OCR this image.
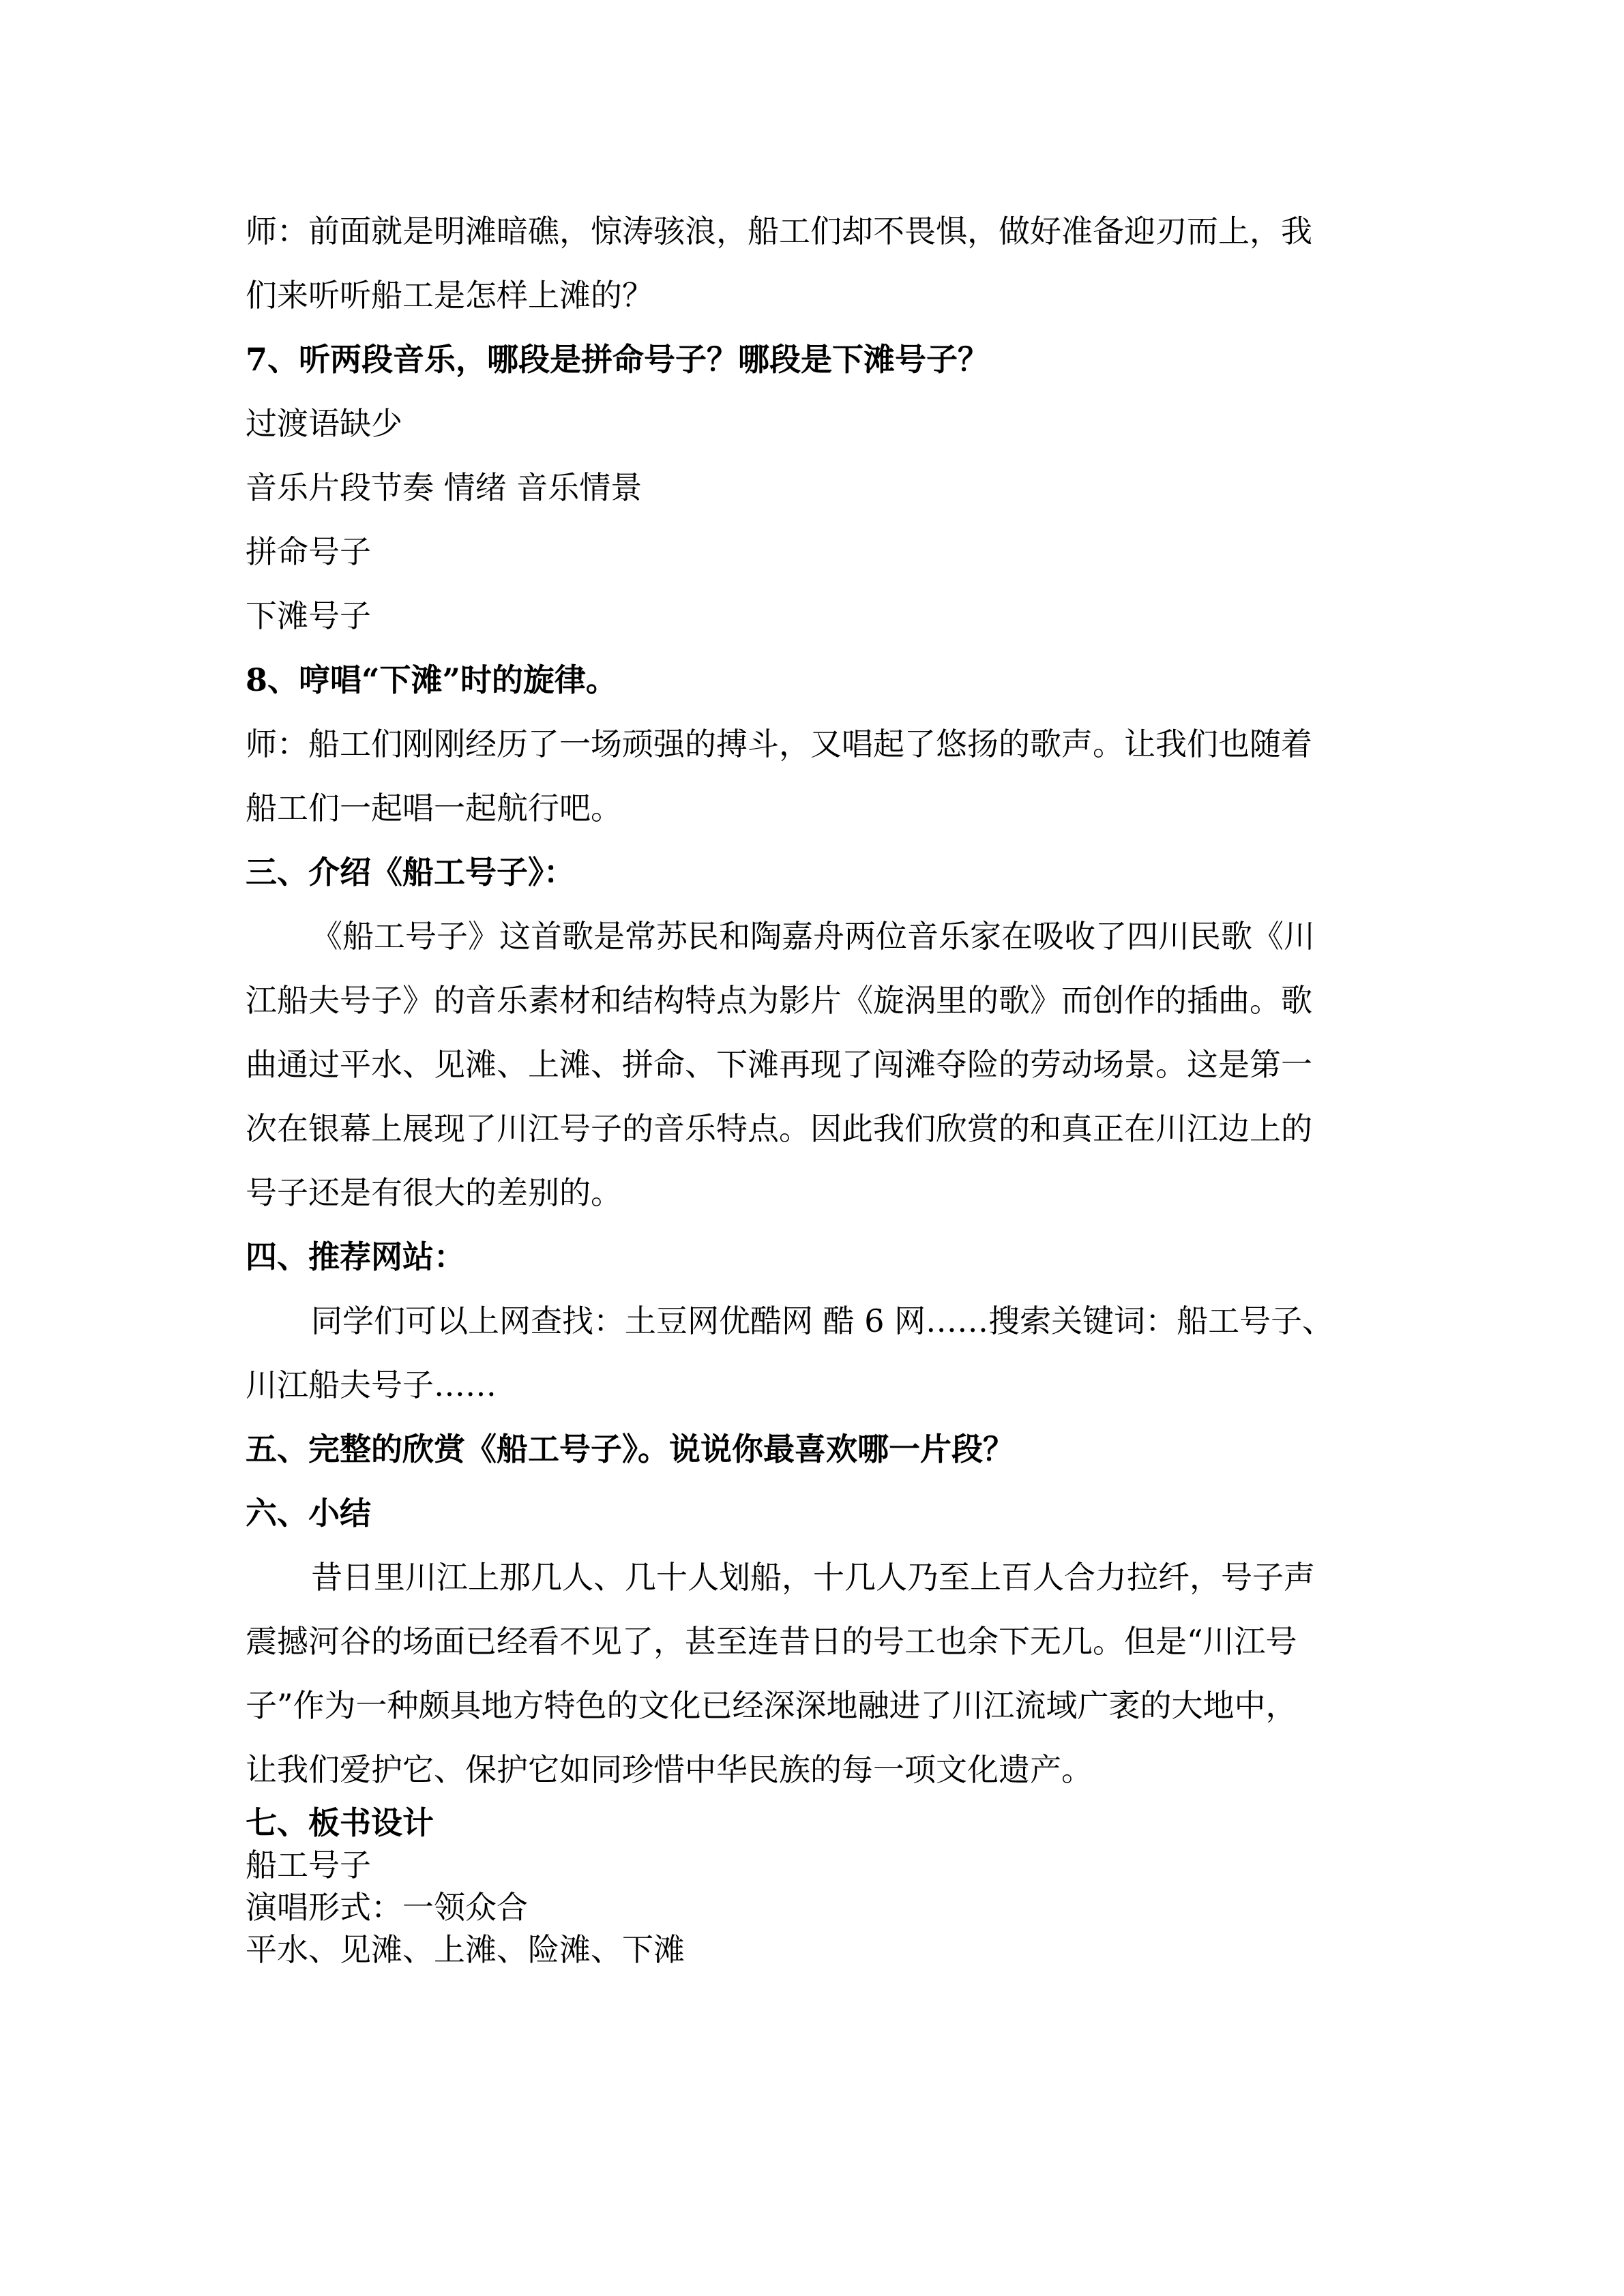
师：前面就是明滩暗礁，惊涛骇浪，船工们却不畏惧，做好准备迎刃而上，我
们来听听船工是怎样上滩的？
7、听两段音乐，哪段是拼命号子？哪段是下滩号子？
过渡语缺少
音乐片段节奏 情绪 音乐情景
拼命号子
下滩号子
8、哼唱“下滩”时的旋律。
师：船工们刚刚经历了一场顽强的搏斗，又唱起了悠扬的歌声。让我们也随着
船工们一起唱一起航行吧。
三、介绍《船工号子》：
《船工号子》这首歌是常苏民和陶嘉舟两位音乐家在吸收了四川民歌《川
江船夫号子》的音乐素材和结构特点为影片《旋涡里的歌》而创作的插曲。歌
曲通过平水、见滩、上滩、拼命、下滩再现了闯滩夺险的劳动场景。这是第一
次在银幕上展现了川江号子的音乐特点。因此我们欣赏的和真正在川江边上的
号子还是有很大的差别的。
四、推荐网站：
同学们可以上网查找：土豆网优酷网 酷 6 网……搜索关键词：船工号子、
川江船夫号子……
五、完整的欣赏《船工号子》。说说你最喜欢哪一片段？
六、小结
昔日里川江上那几人、几十人划船，十几人乃至上百人合力拉纤，号子声
震撼河谷的场面已经看不见了，甚至连昔日的号工也余下无几。但是“川江号
子”作为一种颇具地方特色的文化已经深深地融进了川江流域广袤的大地中，
让我们爱护它、保护它如同珍惜中华民族的每一项文化遗产。
七、板书设计
船工号子
演唱形式：一领众合
平水、见滩、上滩、险滩、下滩
